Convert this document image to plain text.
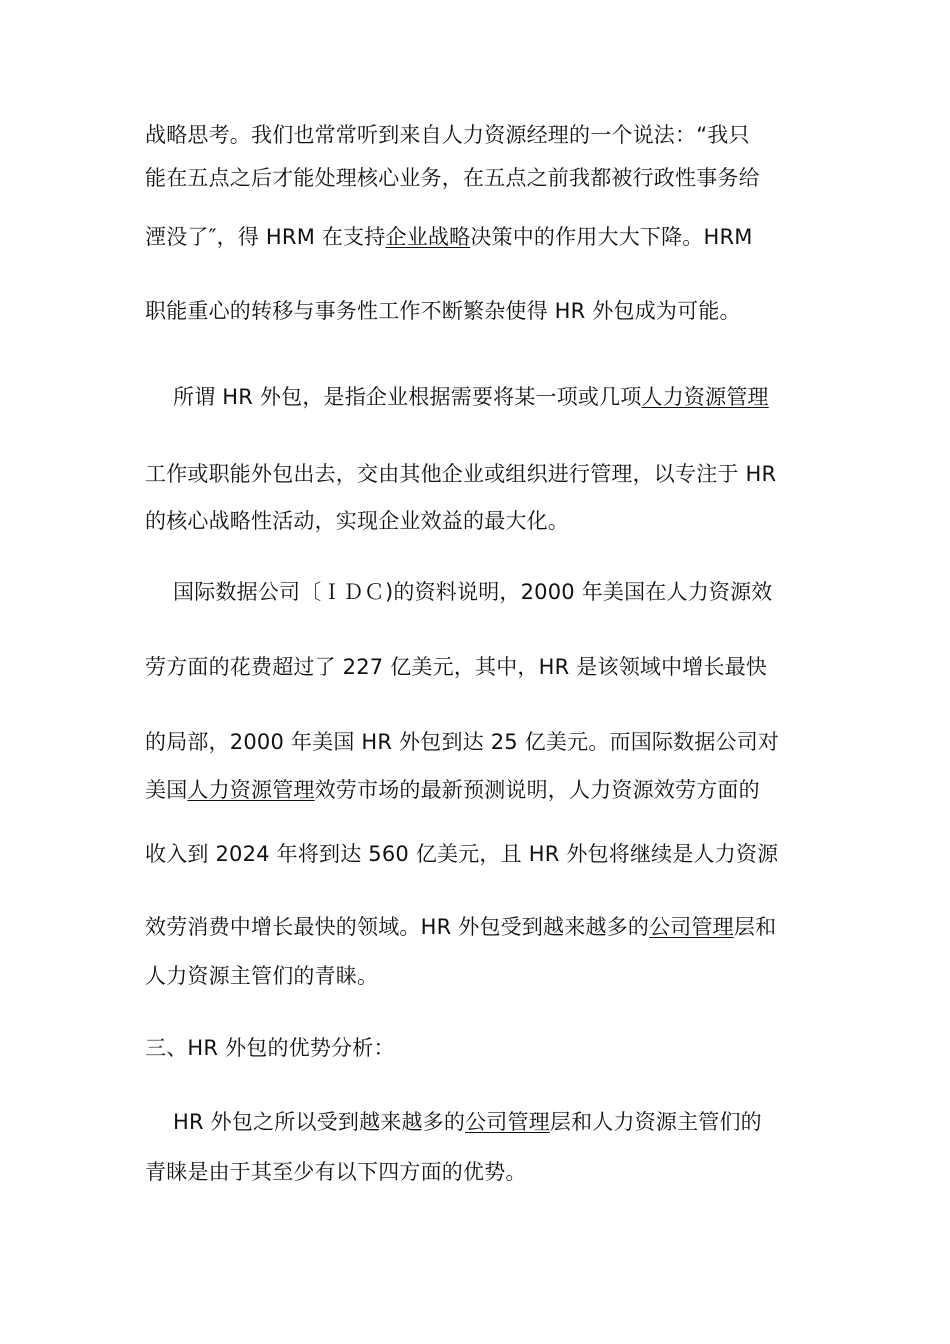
战略思考。我们也常常听到来自人力资源经理的一个说法：“我只
能在五点之后才能处理核心业务，在五点之前我都被行政性事务给
湮没了″，得 HRM 在支持企业战略决策中的作用大大下降。HRM
职能重心的转移与事务性工作不断繁杂使得 HR 外包成为可能。
所谓 HR 外包，是指企业根据需要将某一项或几项人力资源管理
工作或职能外包出去，交由其他企业或组织进行管理，以专注于 HR
的核心战略性活动，实现企业效益的最大化。
国际数据公司〔ＩＤＣ)的资料说明，2000 年美国在人力资源效
劳方面的花费超过了 227 亿美元，其中，HR 是该领域中增长最快
的局部，2000 年美国 HR 外包到达 25 亿美元。而国际数据公司对
美国人力资源管理效劳市场的最新预测说明，人力资源效劳方面的
收入到 2024 年将到达 560 亿美元，且 HR 外包将继续是人力资源
效劳消费中增长最快的领域。HR 外包受到越来越多的公司管理层和
人力资源主管们的青睐。
三、HR 外包的优势分析：
HR 外包之所以受到越来越多的公司管理层和人力资源主管们的
青睐是由于其至少有以下四方面的优势。
